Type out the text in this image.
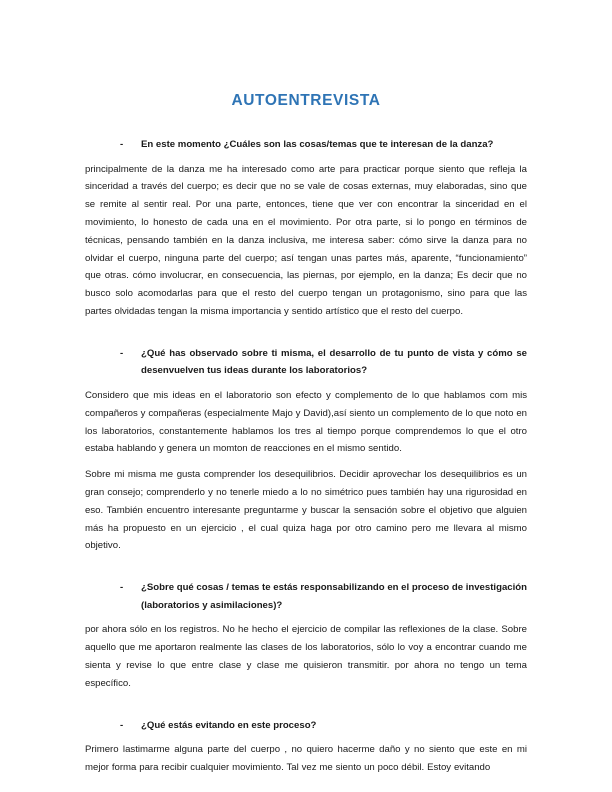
AUTOENTREVISTA
-	En este momento ¿Cuáles son las cosas/temas que te interesan de la danza?

principalmente de la danza me ha interesado como arte para practicar porque siento que refleja la sinceridad a través del cuerpo; es decir que no se vale de cosas externas, muy elaboradas, sino que se remite al sentir real. Por una parte, entonces, tiene que ver con encontrar la sinceridad en el movimiento, lo honesto de cada una en el movimiento. Por otra parte, si lo pongo en términos de técnicas, pensando también en la danza inclusiva, me interesa saber: cómo sirve la danza para no olvidar el cuerpo, ninguna parte del cuerpo; así tengan unas partes más, aparente, “funcionamiento” que otras. cómo involucrar, en consecuencia, las piernas, por ejemplo, en la danza; Es decir que no busco solo acomodarlas para que el resto del cuerpo tengan un protagonismo, sino para que las partes olvidadas tengan la misma importancia y sentido artístico que el resto del cuerpo.

-	¿Qué has observado sobre ti misma, el desarrollo de tu punto de vista y cómo se desenvuelven tus ideas durante los laboratorios?

Considero que mis ideas en el laboratorio son efecto y complemento de lo que hablamos com mis compañeros y compañeras (especialmente Majo y David),así siento un complemento de lo que noto en los laboratorios, constantemente hablamos los tres al tiempo porque comprendemos lo que el otro estaba hablando y genera un momton de reacciones en el mismo sentido.

Sobre mi misma me gusta comprender los desequilibrios. Decidir aprovechar los desequilibrios es un gran consejo; comprenderlo y no tenerle miedo a lo no simétrico pues también hay una rigurosidad en eso. También encuentro interesante preguntarme y buscar la sensación sobre el objetivo que alguien más ha propuesto en un ejercicio , el cual quiza haga por otro camino pero me llevara al mismo objetivo.

-	¿Sobre qué cosas / temas te estás responsabilizando en el proceso de investigación (laboratorios y asimilaciones)?

por ahora sólo en los registros. No he hecho el ejercicio de compilar las reflexiones de la clase. Sobre aquello que me aportaron realmente las clases de los laboratorios, sólo lo voy a encontrar cuando me sienta y revise lo que entre clase y clase me quisieron transmitir. por ahora no tengo un tema específico.

-	¿Qué estás evitando en este proceso?

Primero lastimarme alguna parte del cuerpo , no quiero hacerme daño y no siento que este en mi mejor forma para recibir cualquier movimiento. Tal vez me siento un poco débil. Estoy evitando
